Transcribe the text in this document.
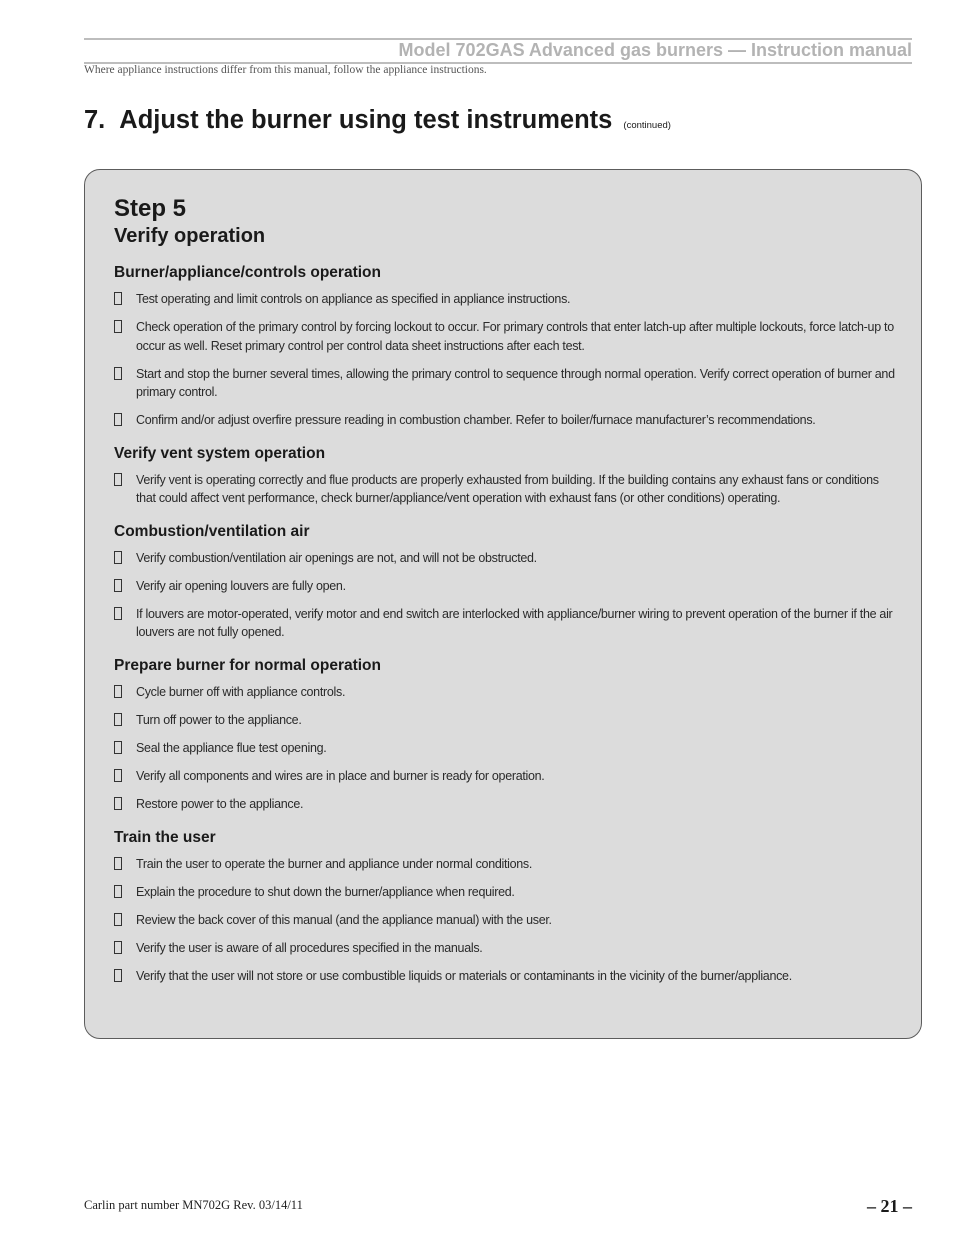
Model 702GAS Advanced gas burners — Instruction manual
Where appliance instructions differ from this manual, follow the appliance instructions.
7. Adjust the burner using test instruments (continued)
Step 5
Verify operation
Burner/appliance/controls operation
Test operating and limit controls on appliance as specified in appliance instructions.
Check operation of the primary control by forcing lockout to occur. For primary controls that enter latch-up after multiple lockouts, force latch-up to occur as well. Reset primary control per control data sheet instructions after each test.
Start and stop the burner several times, allowing the primary control to sequence through normal operation. Verify correct operation of burner and primary control.
Confirm and/or adjust overfire pressure reading in combustion chamber. Refer to boiler/furnace manufacturer’s recommendations.
Verify vent system operation
Verify vent is operating correctly and flue products are properly exhausted from building. If the building contains any exhaust fans or conditions that could affect vent performance, check burner/appliance/vent operation with exhaust fans (or other conditions) operating.
Combustion/ventilation air
Verify combustion/ventilation air openings are not, and will not be obstructed.
Verify air opening louvers are fully open.
If louvers are motor-operated, verify motor and end switch are interlocked with appliance/burner wiring to prevent operation of the burner if the air louvers are not fully opened.
Prepare burner for normal operation
Cycle burner off with appliance controls.
Turn off power to the appliance.
Seal the appliance flue test opening.
Verify all components and wires are in place and burner is ready for operation.
Restore power to the appliance.
Train the user
Train the user to operate the burner and appliance under normal conditions.
Explain the procedure to shut down the burner/appliance when required.
Review the back cover of this manual (and the appliance manual) with the user.
Verify the user is aware of all procedures specified in the manuals.
Verify that the user will not store or use combustible liquids or materials or contaminants in the vicinity of the burner/appliance.
Carlin part number MN702G Rev. 03/14/11	– 21 –
